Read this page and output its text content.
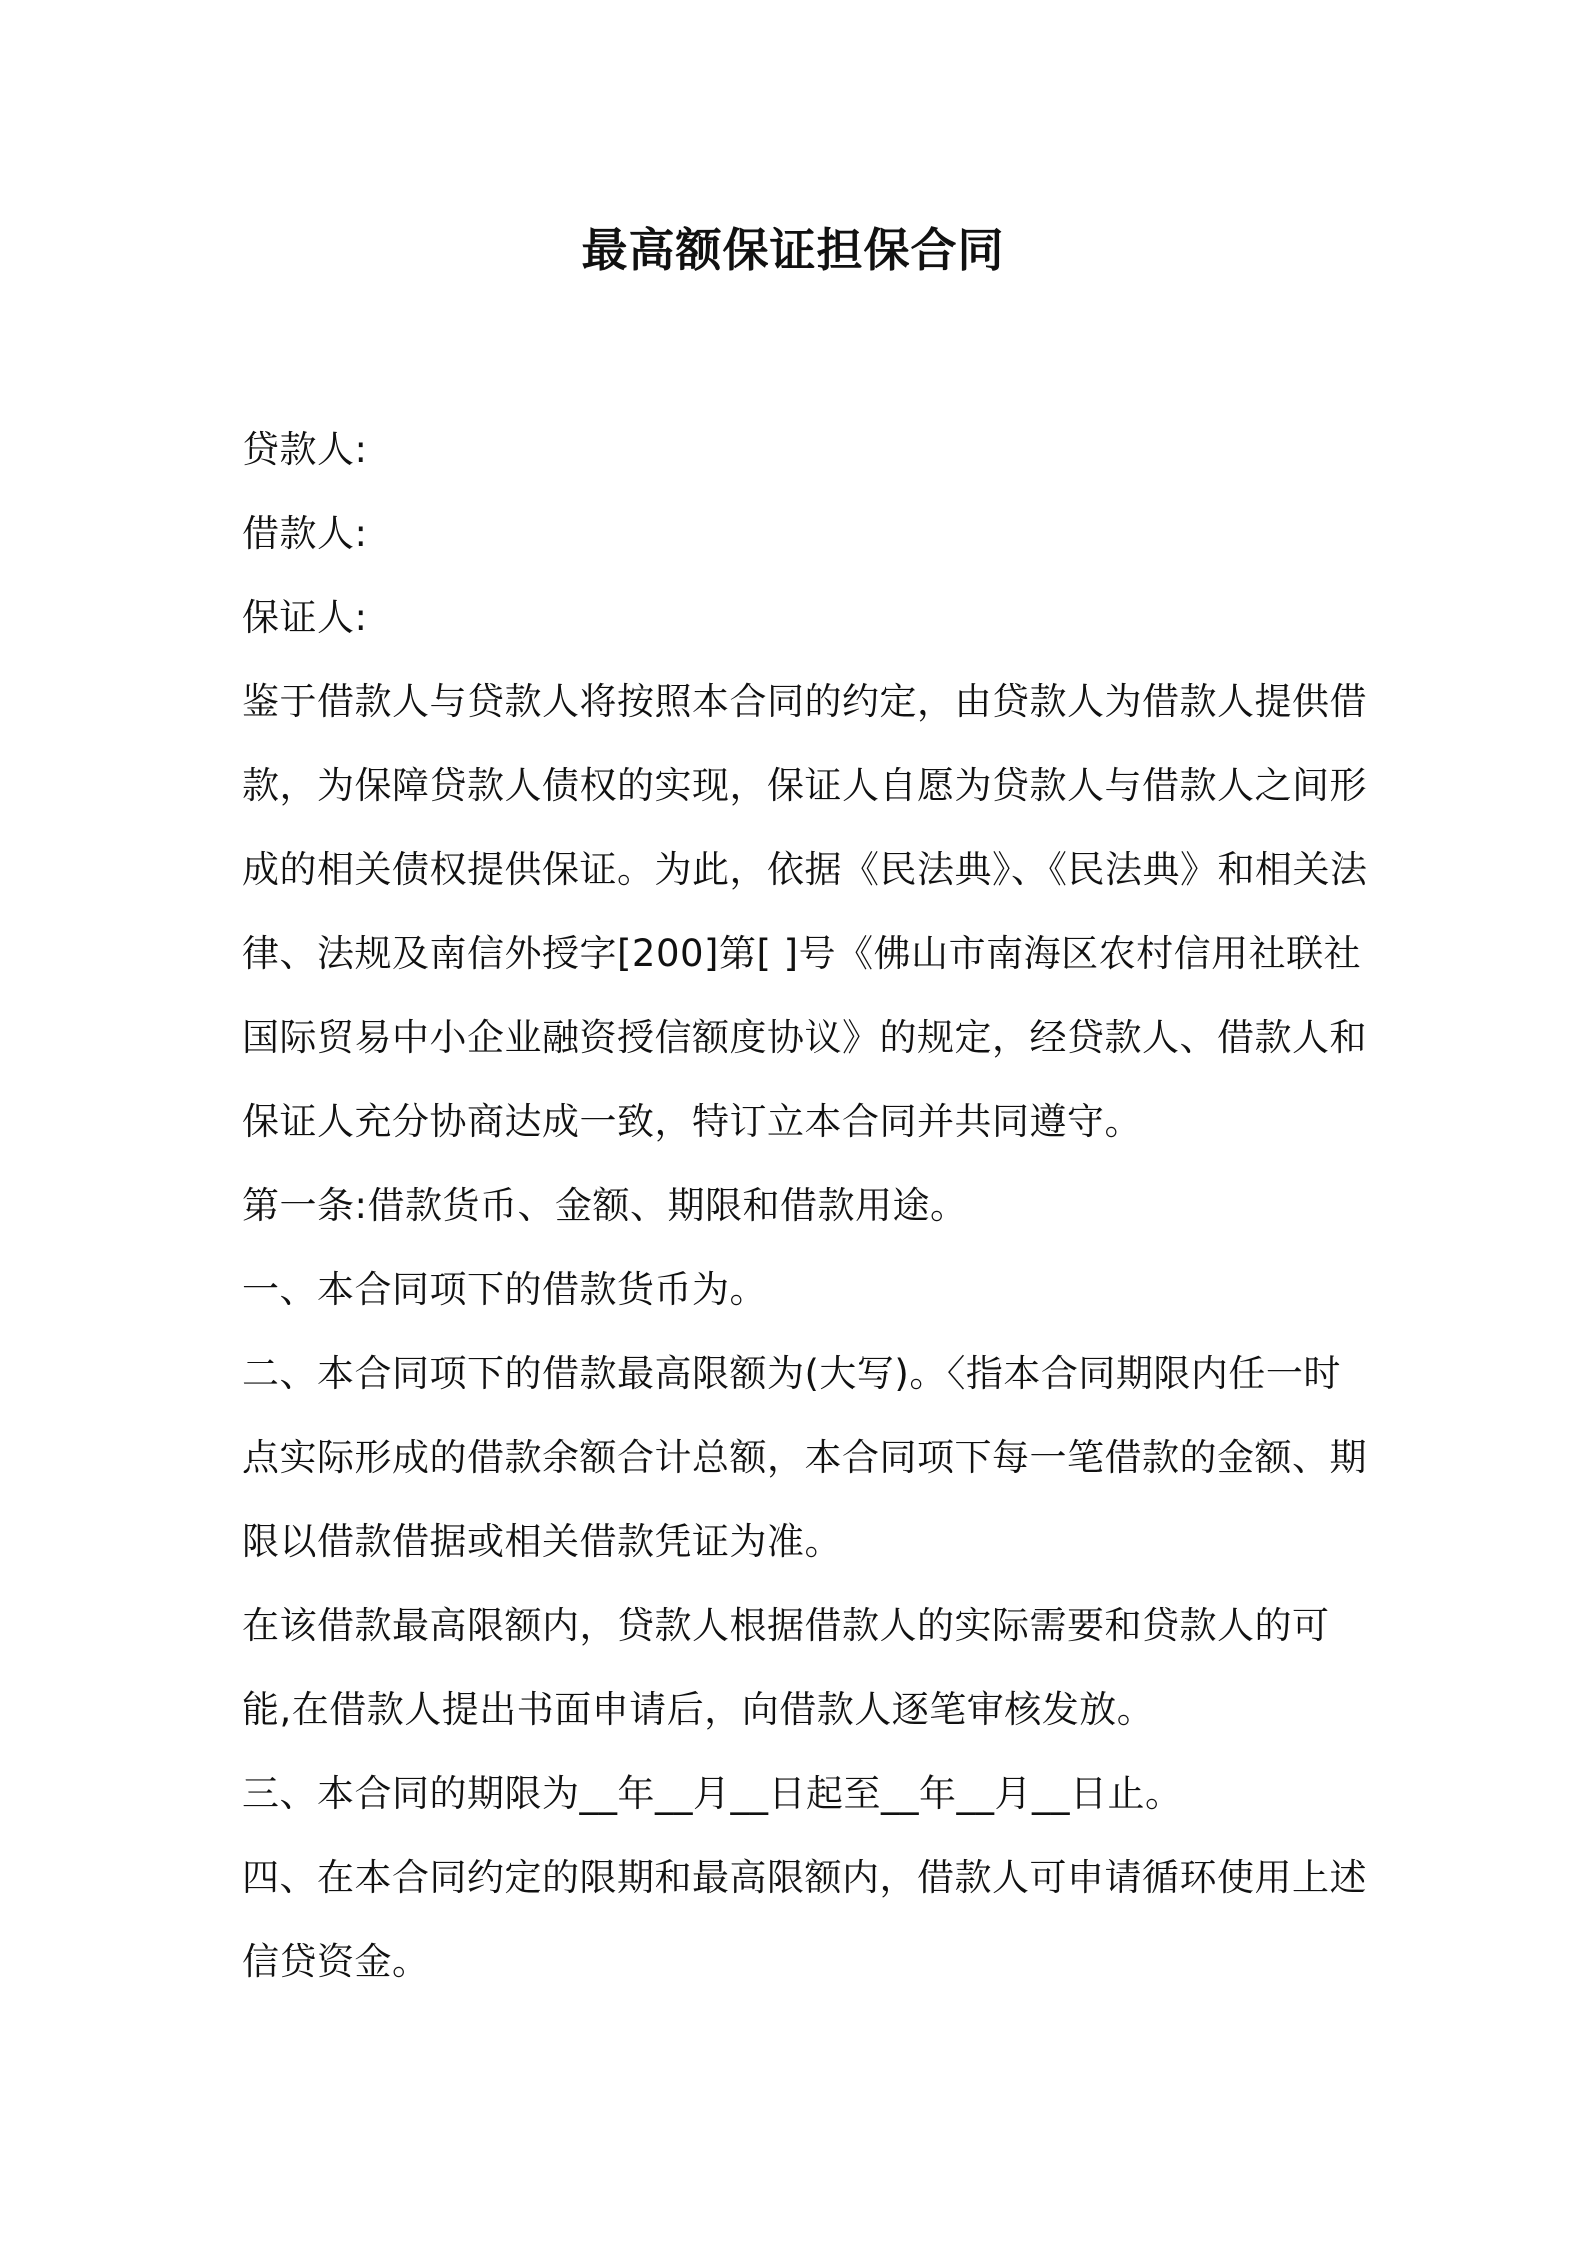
最高额保证担保合同
贷款人:
借款人:
保证人:
鉴于借款人与贷款人将按照本合同的约定，由贷款人为借款人提供借
款，为保障贷款人债权的实现，保证人自愿为贷款人与借款人之间形
成的相关债权提供保证。为此，依据《民法典》、《民法典》和相关法
律、法规及南信外授字[200]第[ ]号《佛山市南海区农村信用社联社
国际贸易中小企业融资授信额度协议》的规定，经贷款人、借款人和
保证人充分协商达成一致，特订立本合同并共同遵守。
第一条:借款货币、金额、期限和借款用途。
一、本合同项下的借款货币为。
二、本合同项下的借款最高限额为(大写)。〈指本合同期限内任一时
点实际形成的借款余额合计总额，本合同项下每一笔借款的金额、期
限以借款借据或相关借款凭证为准。
在该借款最高限额内，贷款人根据借款人的实际需要和贷款人的可
能,在借款人提出书面申请后，向借款人逐笔审核发放。
三、本合同的期限为__年__月__日起至__年__月__日止。
四、在本合同约定的限期和最高限额内，借款人可申请循环使用上述
信贷资金。
